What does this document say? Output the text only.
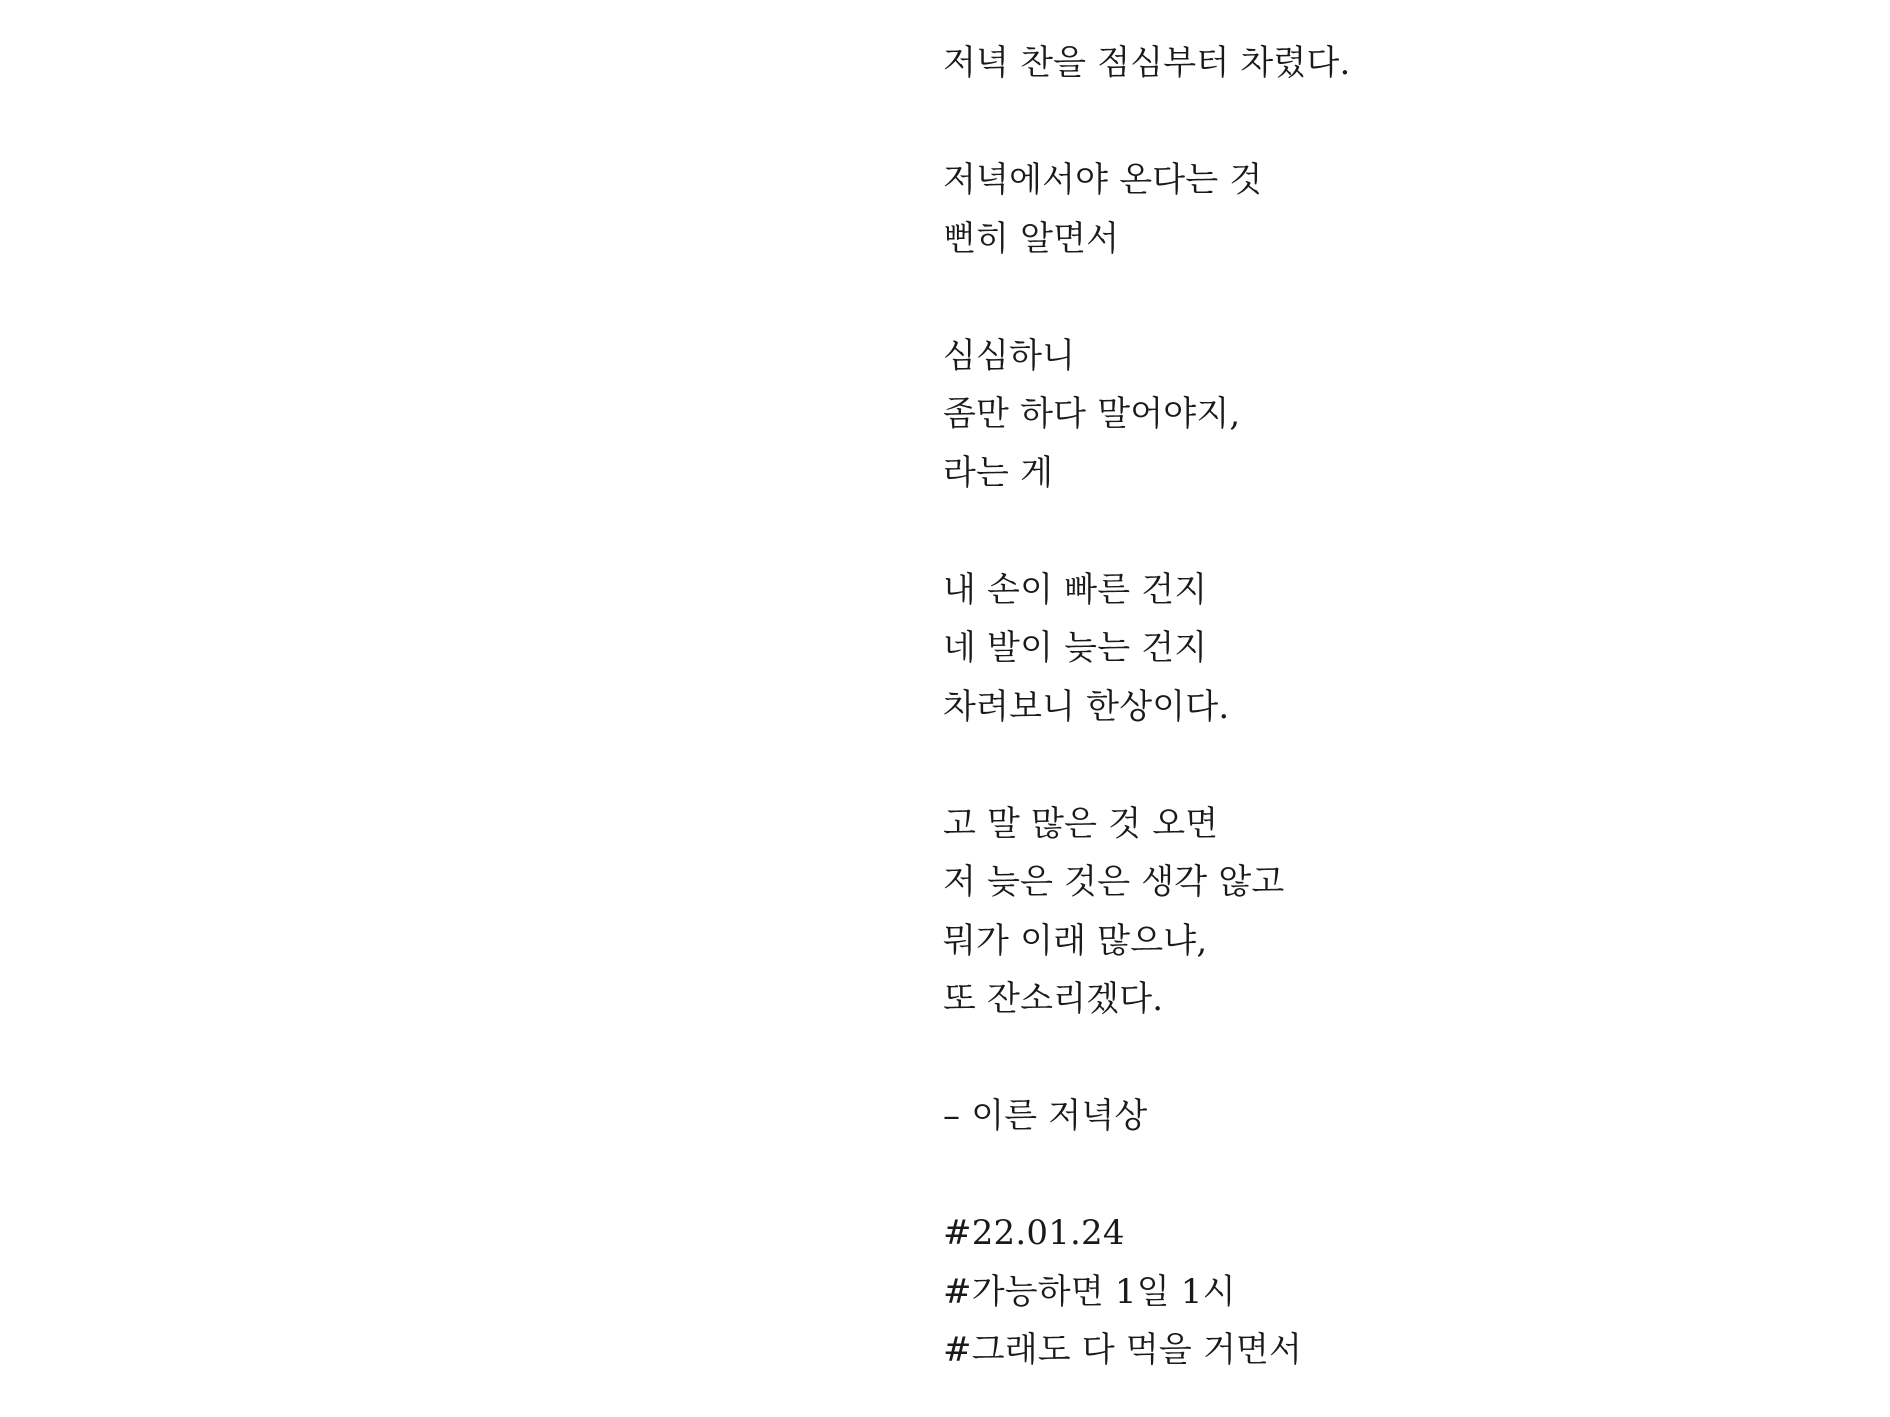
저녁 찬을 점심부터 차렸다.
저녁에서야 온다는 것
뻔히 알면서
심심하니
좀만 하다 말어야지,
라는 게
내 손이 빠른 건지
네 발이 늦는 건지
차려보니 한상이다.
고 말 많은 것 오면
저 늦은 것은 생각 않고
뭐가 이래 많으냐,
또 잔소리겠다.
– 이른 저녁상
#22.01.24
#가능하면 1일 1시
#그래도 다 먹을 거면서
